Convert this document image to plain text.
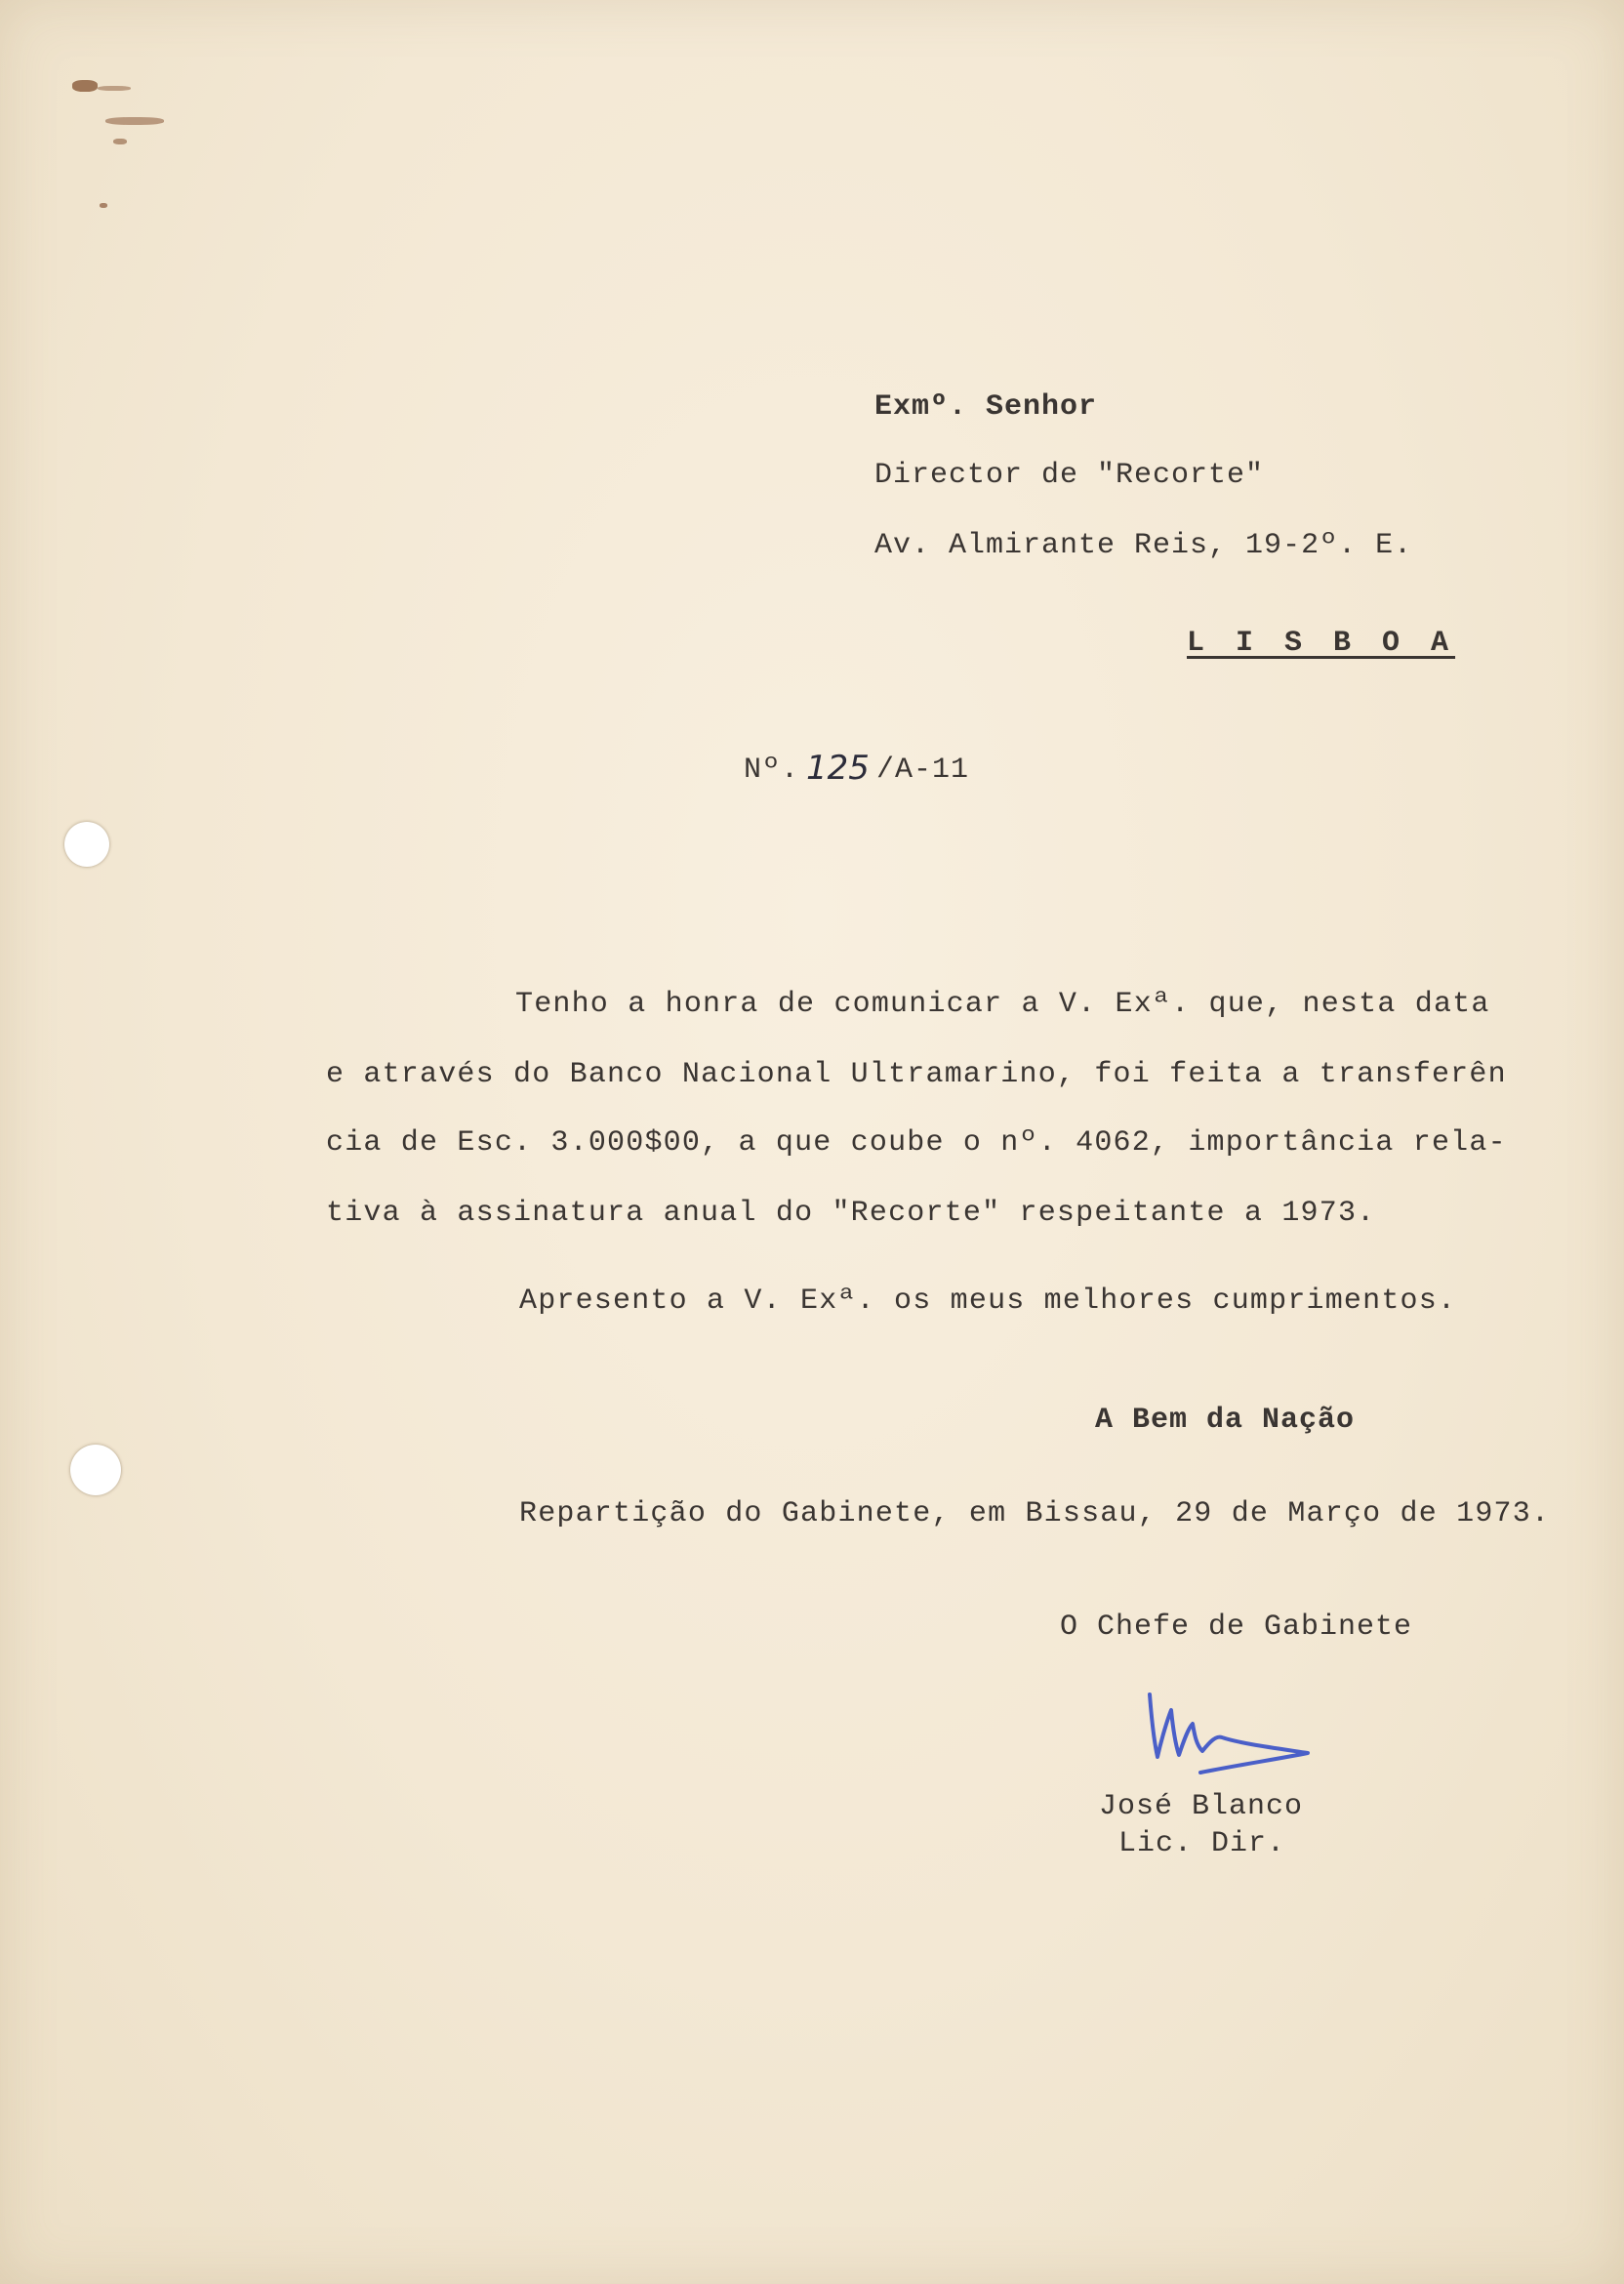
Exmº. Senhor
Director de "Recorte"
Av. Almirante Reis, 19-2º. E.
L I S B O A
Nº. 125 /A-11
Tenho a honra de comunicar a V. Exª. que, nesta data
e através do Banco Nacional Ultramarino, foi feita a transferên
cia de Esc. 3.000$00, a que coube o nº. 4062, importância rela-
tiva à assinatura anual do "Recorte" respeitante a 1973.
Apresento a V. Exª. os meus melhores cumprimentos.
A Bem da Nação
Repartição do Gabinete, em Bissau, 29 de Março de 1973.
O Chefe de Gabinete
José Blanco
Lic. Dir.
